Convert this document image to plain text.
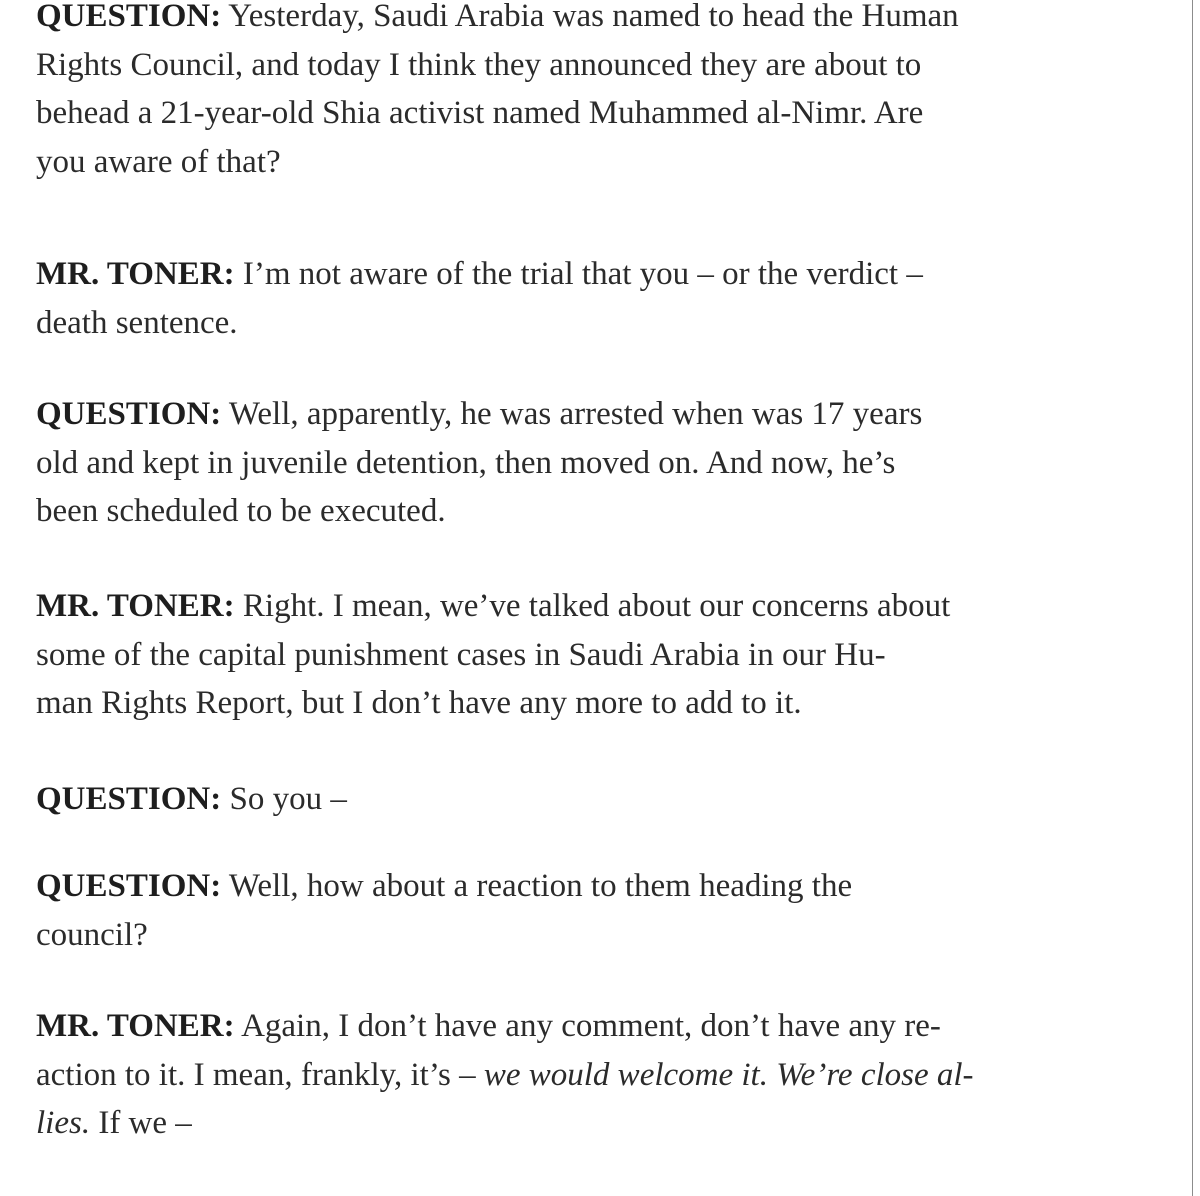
QUESTION: Yesterday, Saudi Arabia was named to head the Human
Rights Council, and today I think they announced they are about to
behead a 21-year-old Shia activist named Muhammed al-Nimr. Are
you aware of that?

MR. TONER: I’m not aware of the trial that you – or the verdict –
death sentence.

QUESTION: Well, apparently, he was arrested when was 17 years
old and kept in juvenile detention, then moved on. And now, he’s
been scheduled to be executed.

MR. TONER: Right. I mean, we’ve talked about our concerns about
some of the capital punishment cases in Saudi Arabia in our Hu-
man Rights Report, but I don’t have any more to add to it.

QUESTION: So you –

QUESTION: Well, how about a reaction to them heading the
council?

MR. TONER: Again, I don’t have any comment, don’t have any re-
action to it. I mean, frankly, it’s – we would welcome it. We’re close al-
lies. If we –
